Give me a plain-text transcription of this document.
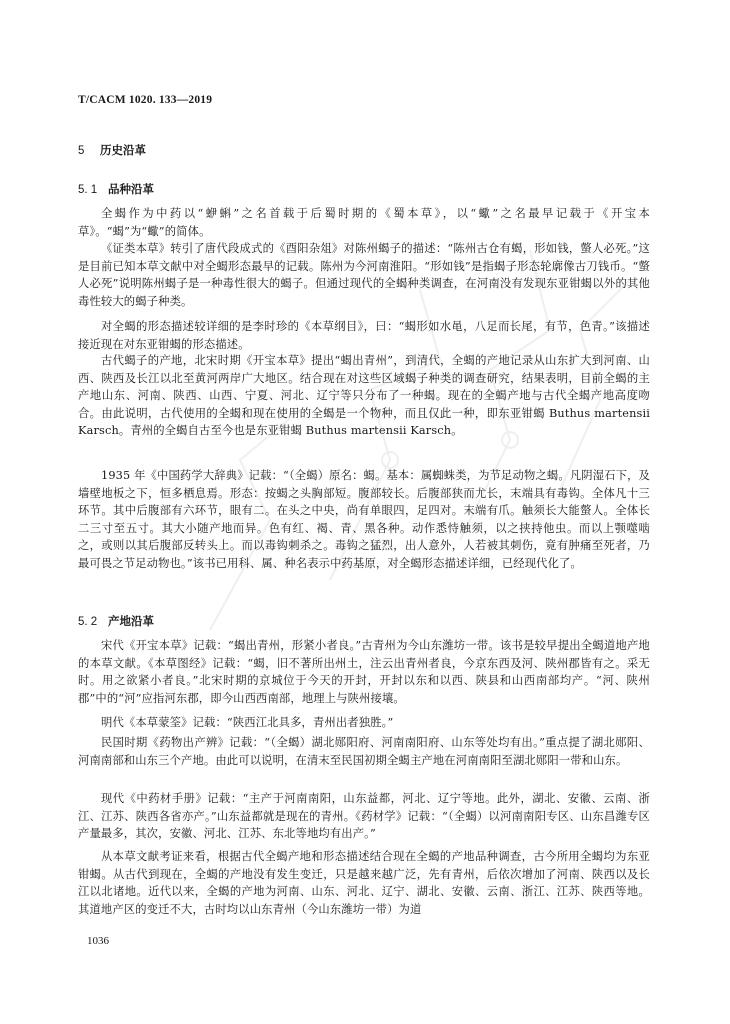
T/CACM 1020. 133—2019
5 历史沿革
5. 1 品种沿革

全蝎作为中药以“蛜蝌”之名首载于后蜀时期的《蜀本草》，以“蠍”之名最早记载于《开宝本草》。“蝎”为“蠍”的简体。

《证类本草》转引了唐代段成式的《酉阳杂俎》对陈州蝎子的描述：“陈州古仓有蝎，形如钱，螫人必死。”这是目前已知本草文献中对全蝎形态最早的记载。陈州为今河南淮阳。“形如钱”是指蝎子形态轮廓像古刀钱币。“螫人必死”说明陈州蝎子是一种毒性很大的蝎子。但通过现代的全蝎种类调查，在河南没有发现东亚钳蝎以外的其他毒性较大的蝎子种类。

对全蝎的形态描述较详细的是李时珍的《本草纲目》，曰：“蝎形如水黾，八足而长尾，有节，色青。”该描述接近现在对东亚钳蝎的形态描述。

古代蝎子的产地，北宋时期《开宝本草》提出“蝎出青州”，到清代，全蝎的产地记录从山东扩大到河南、山西、陕西及长江以北至黄河两岸广大地区。结合现在对这些区域蝎子种类的调查研究，结果表明，目前全蝎的主产地山东、河南、陕西、山西、宁夏、河北、辽宁等只分布了一种蝎。现在的全蝎产地与古代全蝎产地高度吻合。由此说明，古代使用的全蝎和现在使用的全蝎是一个物种，而且仅此一种，即东亚钳蝎 Buthus martensii Karsch。青州的全蝎自古至今也是东亚钳蝎 Buthus martensii Karsch。

1935 年《中国药学大辞典》记载：“（全蝎）原名：蝎。基本：属蜘蛛类，为节足动物之蝎。凡阴湿石下，及墙壁地板之下，恒多栖息焉。形态：按蝎之头胸部短。腹部较长。后腹部狭而尤长，末端具有毒钩。全体凡十三环节。其中后腹部有六环节，眼有二。在头之中央，尚有单眼四，足四对。末端有爪。触须长大能螫人。全体长二三寸至五寸。其大小随产地而异。色有红、褐、青、黑各种。动作悉恃触须，以之挟持他虫。而以上颚噬啮之，或则以其后腹部反转头上。而以毒钩刺杀之。毒钩之猛烈，出人意外，人若被其刺伤，竟有肿痛至死者，乃最可畏之节足动物也。”该书已用科、属、种名表示中药基原，对全蝎形态描述详细，已经现代化了。

5. 2 产地沿革

宋代《开宝本草》记载：“蝎出青州，形紧小者良。”古青州为今山东潍坊一带。该书是较早提出全蝎道地产地的本草文献。《本草图经》记载：“蝎，旧不著所出州土，注云出青州者良，今京东西及河、陕州郡皆有之。采无时。用之欲紧小者良。”北宋时期的京城位于今天的开封，开封以东和以西、陕县和山西南部均产。“河、陕州郡”中的“河”应指河东郡，即今山西西南部，地理上与陕州接壤。

明代《本草蒙筌》记载：“陕西江北具多，青州出者独胜。”

民国时期《药物出产辨》记载：“（全蝎）湖北郧阳府、河南南阳府、山东等处均有出。”重点提了湖北郧阳、河南南部和山东三个产地。由此可以说明，在清末至民国初期全蝎主产地在河南南阳至湖北郧阳一带和山东。

现代《中药材手册》记载：“主产于河南南阳，山东益都，河北、辽宁等地。此外，湖北、安徽、云南、浙江、江苏、陕西各省亦产。”山东益都就是现在的青州。《药材学》记载：“（全蝎）以河南南阳专区、山东昌潍专区产量最多，其次，安徽、河北、江苏、东北等地均有出产。”

从本草文献考证来看，根据古代全蝎产地和形态描述结合现在全蝎的产地品种调查，古今所用全蝎均为东亚钳蝎。从古代到现在，全蝎的产地没有发生变迁，只是越来越广泛，先有青州，后依次增加了河南、陕西以及长江以北诸地。近代以来，全蝎的产地为河南、山东、河北、辽宁、湖北、安徽、云南、浙江、江苏、陕西等地。其道地产区的变迁不大，古时均以山东青州（今山东潍坊一带）为道

1036
